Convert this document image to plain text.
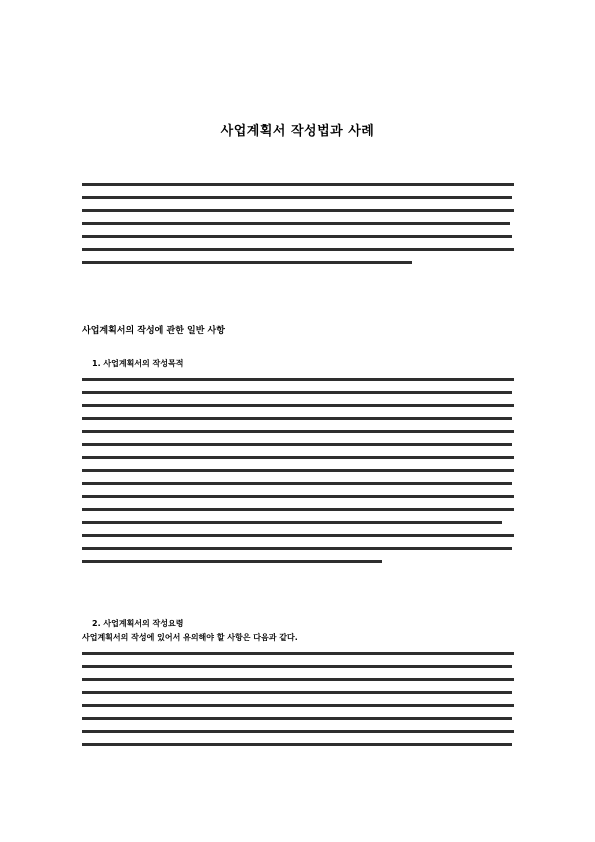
사업계획서 작성법과 사례
사업계획서의 작성에 관한 일반 사항
1. 사업계획서의 작성목적
2. 사업계획서의 작성요령
사업계획서의 작성에 있어서 유의해야 할 사항은 다음과 같다.
